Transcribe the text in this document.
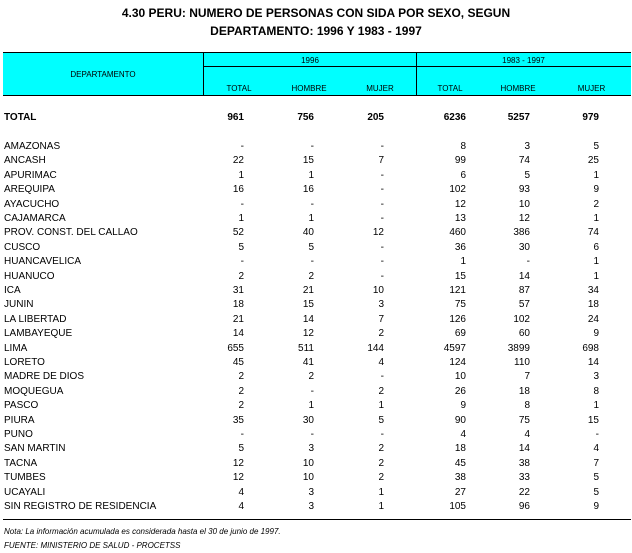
4.30 PERU: NUMERO DE PERSONAS CON SIDA POR SEXO, SEGUN
DEPARTAMENTO: 1996 Y 1983 - 1997
DEPARTAMENTO
1996	1983 - 1997
TOTAL	HOMBRE	MUJER	TOTAL	HOMBRE	MUJER
TOTAL	961	756	205	6236	5257	979
AMAZONAS	-	-	-	8	3	5
ANCASH	22	15	7	99	74	25
APURIMAC	1	1	-	6	5	1
AREQUIPA	16	16	-	102	93	9
AYACUCHO	-	-	-	12	10	2
CAJAMARCA	1	1	-	13	12	1
PROV. CONST. DEL CALLAO	52	40	12	460	386	74
CUSCO	5	5	-	36	30	6
HUANCAVELICA	-	-	-	1	-	1
HUANUCO	2	2	-	15	14	1
ICA	31	21	10	121	87	34
JUNIN	18	15	3	75	57	18
LA LIBERTAD	21	14	7	126	102	24
LAMBAYEQUE	14	12	2	69	60	9
LIMA	655	511	144	4597	3899	698
LORETO	45	41	4	124	110	14
MADRE DE DIOS	2	2	-	10	7	3
MOQUEGUA	2	-	2	26	18	8
PASCO	2	1	1	9	8	1
PIURA	35	30	5	90	75	15
PUNO	-	-	-	4	4	-
SAN MARTIN	5	3	2	18	14	4
TACNA	12	10	2	45	38	7
TUMBES	12	10	2	38	33	5
UCAYALI	4	3	1	27	22	5
SIN REGISTRO DE RESIDENCIA	4	3	1	105	96	9
Nota: La información acumulada es considerada hasta el 30 de junio de 1997.
FUENTE: MINISTERIO DE SALUD - PROCETSS
